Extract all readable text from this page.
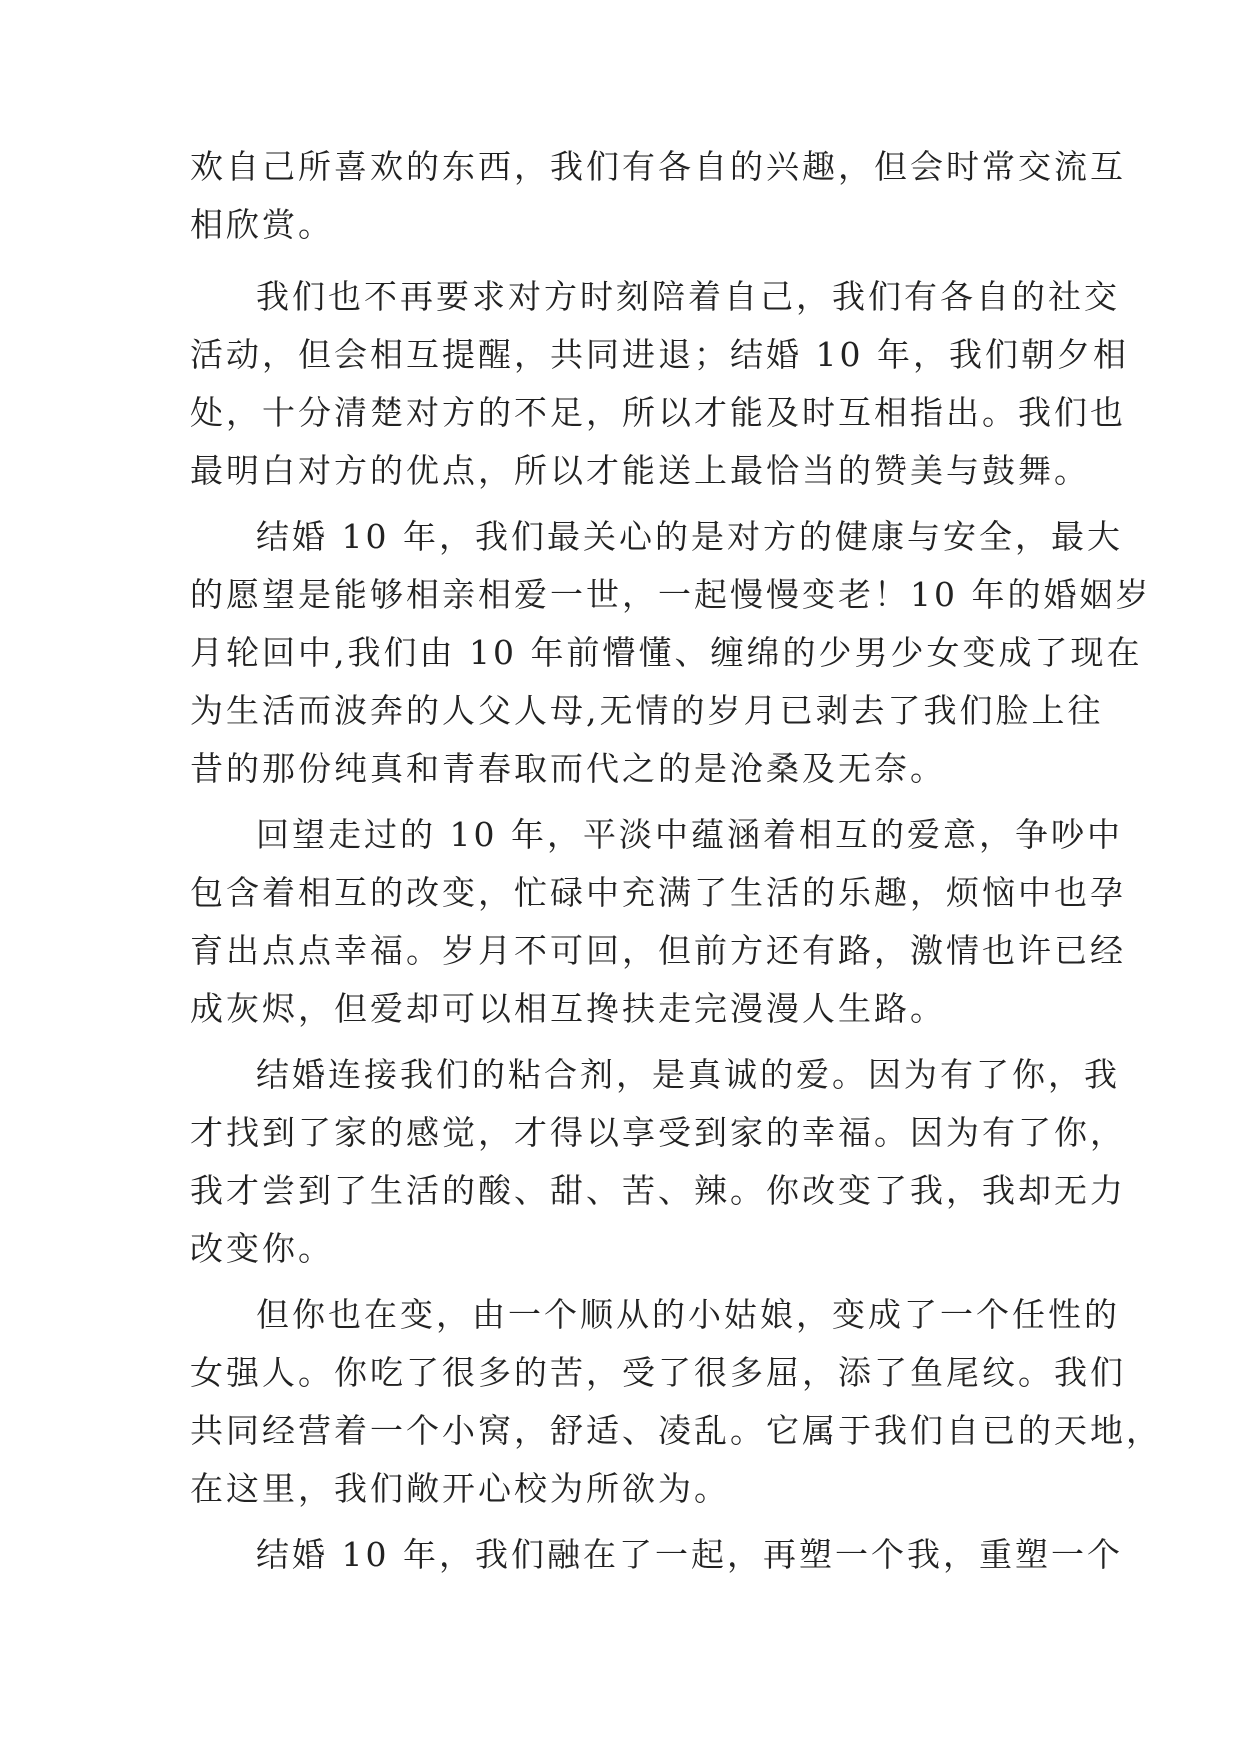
欢自己所喜欢的东西，我们有各自的兴趣，但会时常交流互
相欣赏。
我们也不再要求对方时刻陪着自己，我们有各自的社交
活动，但会相互提醒，共同进退；结婚 10 年，我们朝夕相
处，十分清楚对方的不足，所以才能及时互相指出。我们也
最明白对方的优点，所以才能送上最恰当的赞美与鼓舞。
结婚 10 年，我们最关心的是对方的健康与安全，最大
的愿望是能够相亲相爱一世，一起慢慢变老！10 年的婚姻岁
月轮回中,我们由 10 年前懵懂、缠绵的少男少女变成了现在
为生活而波奔的人父人母,无情的岁月已剥去了我们脸上往
昔的那份纯真和青春取而代之的是沧桑及无奈。
回望走过的 10 年，平淡中蕴涵着相互的爱意，争吵中
包含着相互的改变，忙碌中充满了生活的乐趣，烦恼中也孕
育出点点幸福。岁月不可回，但前方还有路，激情也许已经
成灰烬，但爱却可以相互搀扶走完漫漫人生路。
结婚连接我们的粘合剂，是真诚的爱。因为有了你，我
才找到了家的感觉，才得以享受到家的幸福。因为有了你，
我才尝到了生活的酸、甜、苦、辣。你改变了我，我却无力
改变你。
但你也在变，由一个顺从的小姑娘，变成了一个任性的
女强人。你吃了很多的苦，受了很多屈，添了鱼尾纹。我们
共同经营着一个小窝，舒适、凌乱。它属于我们自已的天地，
在这里，我们敞开心校为所欲为。
结婚 10 年，我们融在了一起，再塑一个我，重塑一个
